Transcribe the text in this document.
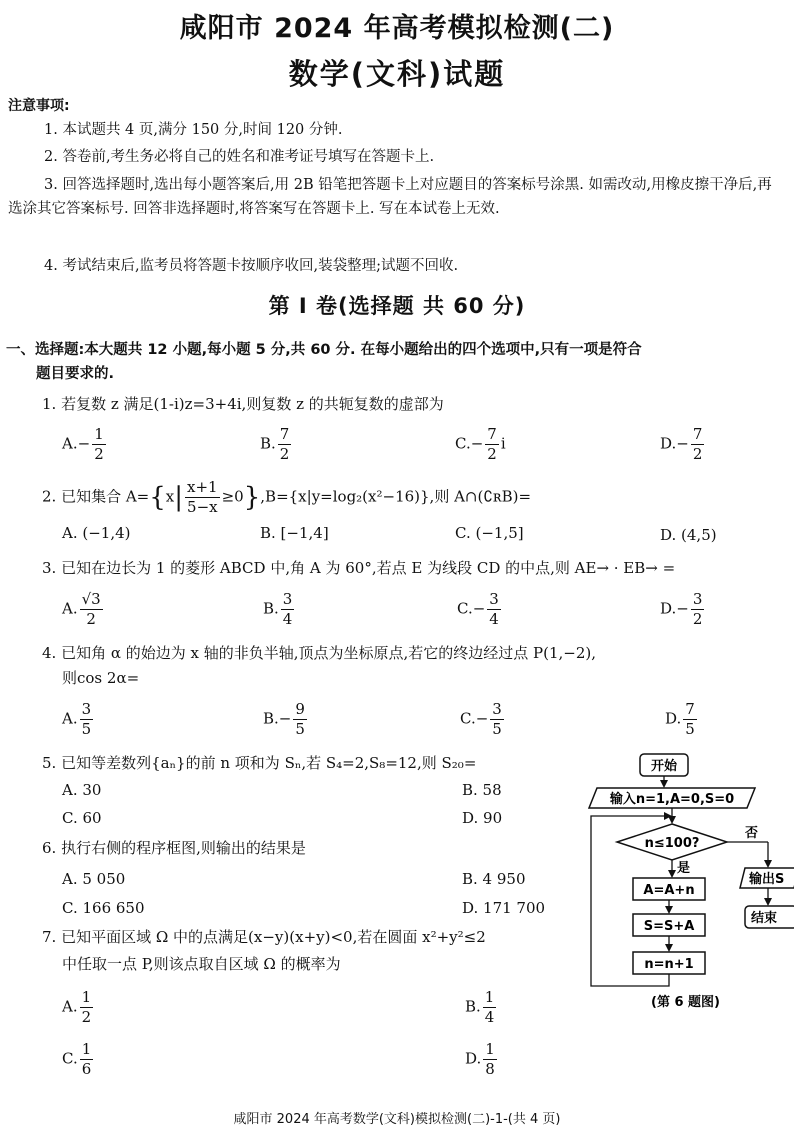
咸阳市 2024 年高考模拟检测(二)
数学(文科)试题
注意事项:
1. 本试题共 4 页,满分 150 分,时间 120 分钟.
2. 答卷前,考生务必将自己的姓名和准考证号填写在答题卡上.
3. 回答选择题时,选出每小题答案后,用 2B 铅笔把答题卡上对应题目的答案标号涂黑. 如需改动,用橡皮擦干净后,再选涂其它答案标号. 回答非选择题时,将答案写在答题卡上. 写在本试卷上无效.
4. 考试结束后,监考员将答题卡按顺序收回,装袋整理;试题不回收.
第 I 卷(选择题 共 60 分)
一、选择题:本大题共 12 小题,每小题 5 分,共 60 分. 在每小题给出的四个选项中,只有一项是符合
题目要求的.
1. 若复数 z 满足(1-i)z=3+4i,则复数 z 的共轭复数的虚部为
$A.- \frac{1}{2}$	B. $\frac{7}{2}$	$C.- \frac{7}{2}$ i	$D.- \frac{7}{2}$
2. 已知集合 $A=\{x| \frac{x+1}{5-x} \ge 0\},B=\{x|y=\log_2(x^2-16)\}$,则 A∩(∁ʀB)=
A. (−1,4)	B. [−1,4]	C. (−1,5]	D. (4,5)
3. 已知在边长为 1 的菱形 ABCD 中,角 A 为 60°,若点 E 为线段 CD 的中点,则 AE→ · EB→ =
A. $\frac{√3}{2}$	B. $\frac{3}{4}$	$C.- \frac{3}{4}$	$D.- \frac{3}{2}$
4. 已知角 α 的始边为 x 轴的非负半轴,顶点为坐标原点,若它的终边经过点 P(1,−2),
则cos 2α=
A. $\frac{3}{5}$	$B.- \frac{9}{5}$	$C.- \frac{3}{5}$	D. $\frac{7}{5}$
5. 已知等差数列{aₙ}的前 n 项和为 Sₙ,若 S₄=2,S₈=12,则 S₂₀=
A. 30	B. 58
C. 60	D. 90
6. 执行右侧的程序框图,则输出的结果是
A. 5 050	B. 4 950
C. 166 650	D. 171 700
7. 已知平面区域 Ω 中的点满足(x−y)(x+y)<0,若在圆面 x²+y²≤2
中任取一点 P,则该点取自区域 Ω 的概率为
A. $\frac{1}{2}$	B. $\frac{1}{4}$
C. $\frac{1}{6}$	D. $\frac{1}{8}$
开始
输入n=1,A=0,S=0
n≤100?
否
输出S
结束
是
A=A+n
S=S+A
n=n+1
(第 6 题图)
咸阳市 2024 年高考数学(文科)模拟检测(二)-1-(共 4 页)
